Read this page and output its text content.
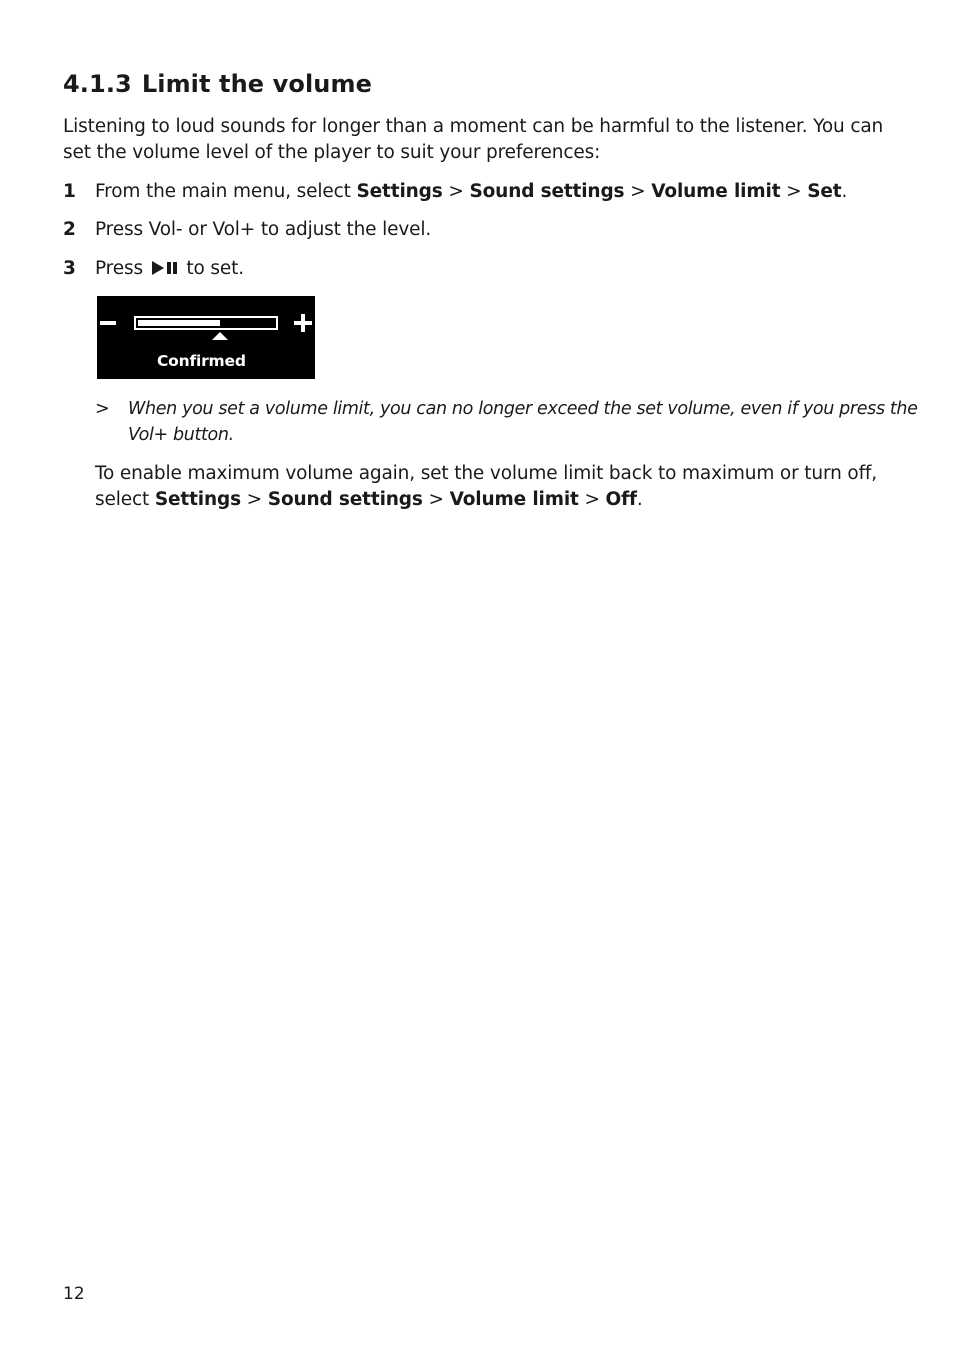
4.1.3 Limit the volume

Listening to loud sounds for longer than a moment can be harmful to the listener. You can
set the volume level of the player to suit your preferences:

1 From the main menu, select Settings > Sound settings > Volume limit > Set.
2 Press Vol- or Vol+ to adjust the level.
3 Press  to set.
Confirmed
> When you set a volume limit, you can no longer exceed the set volume, even if you press the
Vol+ button.

To enable maximum volume again, set the volume limit back to maximum or turn off,
select Settings > Sound settings > Volume limit > Off.

12
